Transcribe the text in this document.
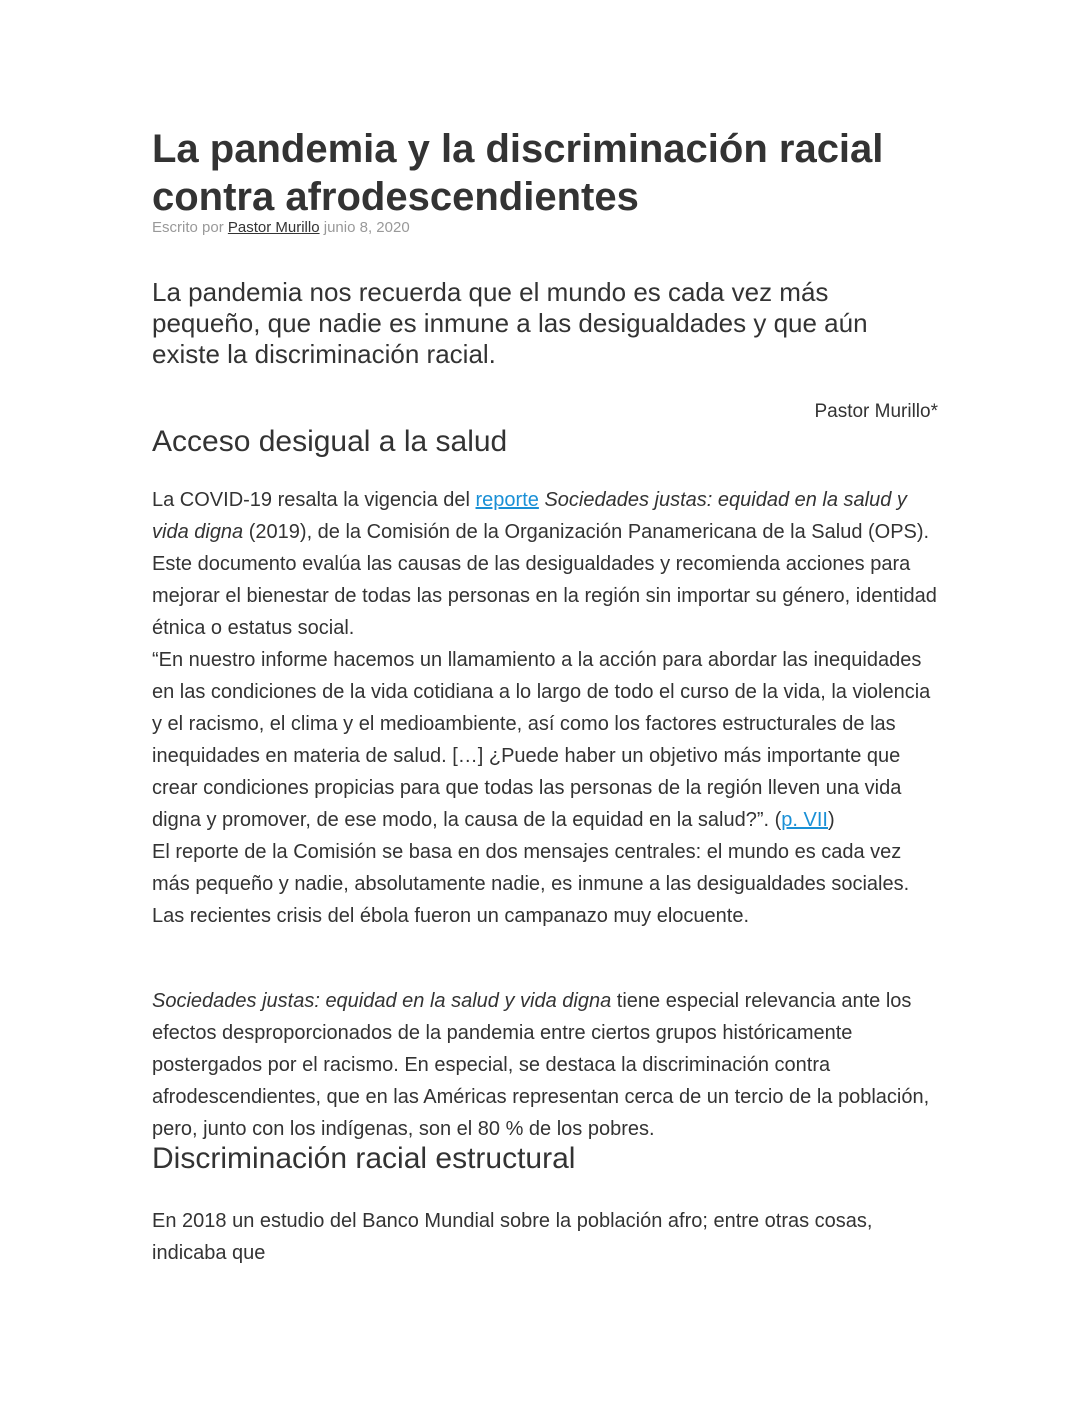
La pandemia y la discriminación racial contra afrodescendientes
Escrito por Pastor Murillo junio 8, 2020

La pandemia nos recuerda que el mundo es cada vez más pequeño, que nadie es inmune a las desigualdades y que aún existe la discriminación racial.

Pastor Murillo*
Acceso desigual a la salud

La COVID-19 resalta la vigencia del reporte Sociedades justas: equidad en la salud y vida digna (2019), de la Comisión de la Organización Panamericana de la Salud (OPS). Este documento evalúa las causas de las desigualdades y recomienda acciones para mejorar el bienestar de todas las personas en la región sin importar su género, identidad étnica o estatus social.
“En nuestro informe hacemos un llamamiento a la acción para abordar las inequidades en las condiciones de la vida cotidiana a lo largo de todo el curso de la vida, la violencia y el racismo, el clima y el medioambiente, así como los factores estructurales de las inequidades en materia de salud. […] ¿Puede haber un objetivo más importante que crear condiciones propicias para que todas las personas de la región lleven una vida digna y promover, de ese modo, la causa de la equidad en la salud?”. (p. VII)
El reporte de la Comisión se basa en dos mensajes centrales: el mundo es cada vez más pequeño y nadie, absolutamente nadie, es inmune a las desigualdades sociales. Las recientes crisis del ébola fueron un campanazo muy elocuente.

Sociedades justas: equidad en la salud y vida digna tiene especial relevancia ante los efectos desproporcionados de la pandemia entre ciertos grupos históricamente postergados por el racismo. En especial, se destaca la discriminación contra afrodescendientes, que en las Américas representan cerca de un tercio de la población, pero, junto con los indígenas, son el 80 % de los pobres.

Discriminación racial estructural

En 2018 un estudio del Banco Mundial sobre la población afro; entre otras cosas, indicaba que
